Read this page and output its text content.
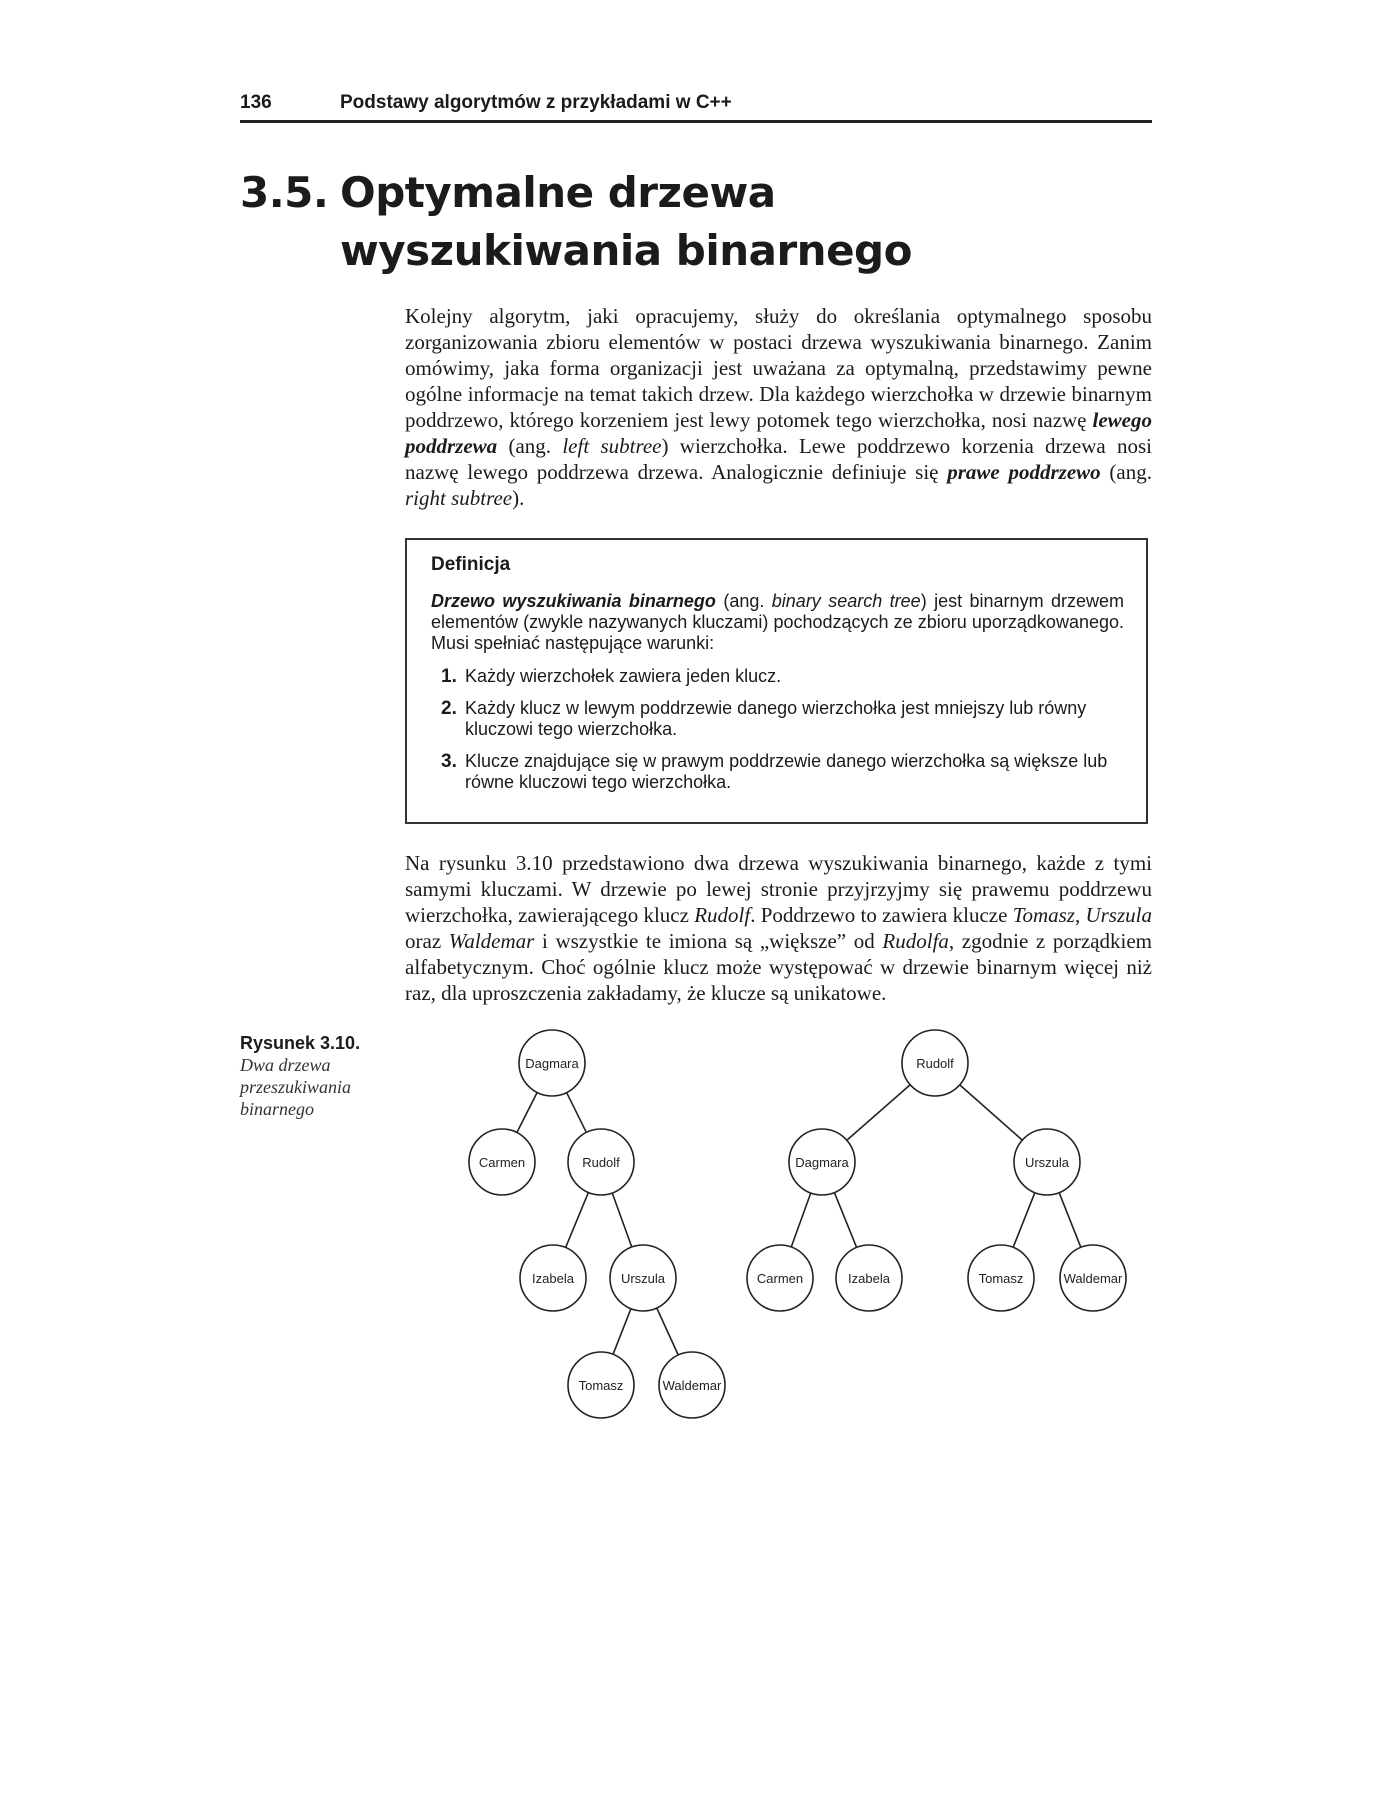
136	Podstawy algorytmów z przykładami w C++
3.5. Optymalne drzewa
wyszukiwania binarnego

Kolejny algorytm, jaki opracujemy, służy do określania optymalnego sposobu zorganizowania zbioru elementów w postaci drzewa wyszukiwania binarnego. Zanim omówimy, jaka forma organizacji jest uważana za optymalną, przedstawimy pewne ogólne informacje na temat takich drzew. Dla każdego wierzchołka w drzewie binarnym poddrzewo, którego korzeniem jest lewy potomek tego wierzchołka, nosi nazwę lewego poddrzewa (ang. left subtree) wierzchołka. Lewe poddrzewo korzenia drzewa nosi nazwę lewego poddrzewa drzewa. Analogicznie definiuje się prawe poddrzewo (ang. right subtree).

Definicja

Drzewo wyszukiwania binarnego (ang. binary search tree) jest binarnym drzewem elementów (zwykle nazywanych kluczami) pochodzących ze zbioru uporządkowanego. Musi spełniać następujące warunki:

1. Każdy wierzchołek zawiera jeden klucz.
2. Każdy klucz w lewym poddrzewie danego wierzchołka jest mniejszy lub równy kluczowi tego wierzchołka.
3. Klucze znajdujące się w prawym poddrzewie danego wierzchołka są większe lub równe kluczowi tego wierzchołka.

Na rysunku 3.10 przedstawiono dwa drzewa wyszukiwania binarnego, każde z tymi samymi kluczami. W drzewie po lewej stronie przyjrzyjmy się prawemu poddrzewu wierzchołka, zawierającego klucz Rudolf. Poddrzewo to zawiera klucze Tomasz, Urszula oraz Waldemar i wszystkie te imiona są „większe” od Rudolfa, zgodnie z porządkiem alfabetycznym. Choć ogólnie klucz może występować w drzewie binarnym więcej niż raz, dla uproszczenia zakładamy, że klucze są unikatowe.

Rysunek 3.10.
Dwa drzewa przeszukiwania binarnego
Dagmara
Carmen	Rudolf
Izabela	Urszula
Tomasz	Waldemar
Rudolf
Dagmara	Urszula
Carmen	Izabela	Tomasz	Waldemar
